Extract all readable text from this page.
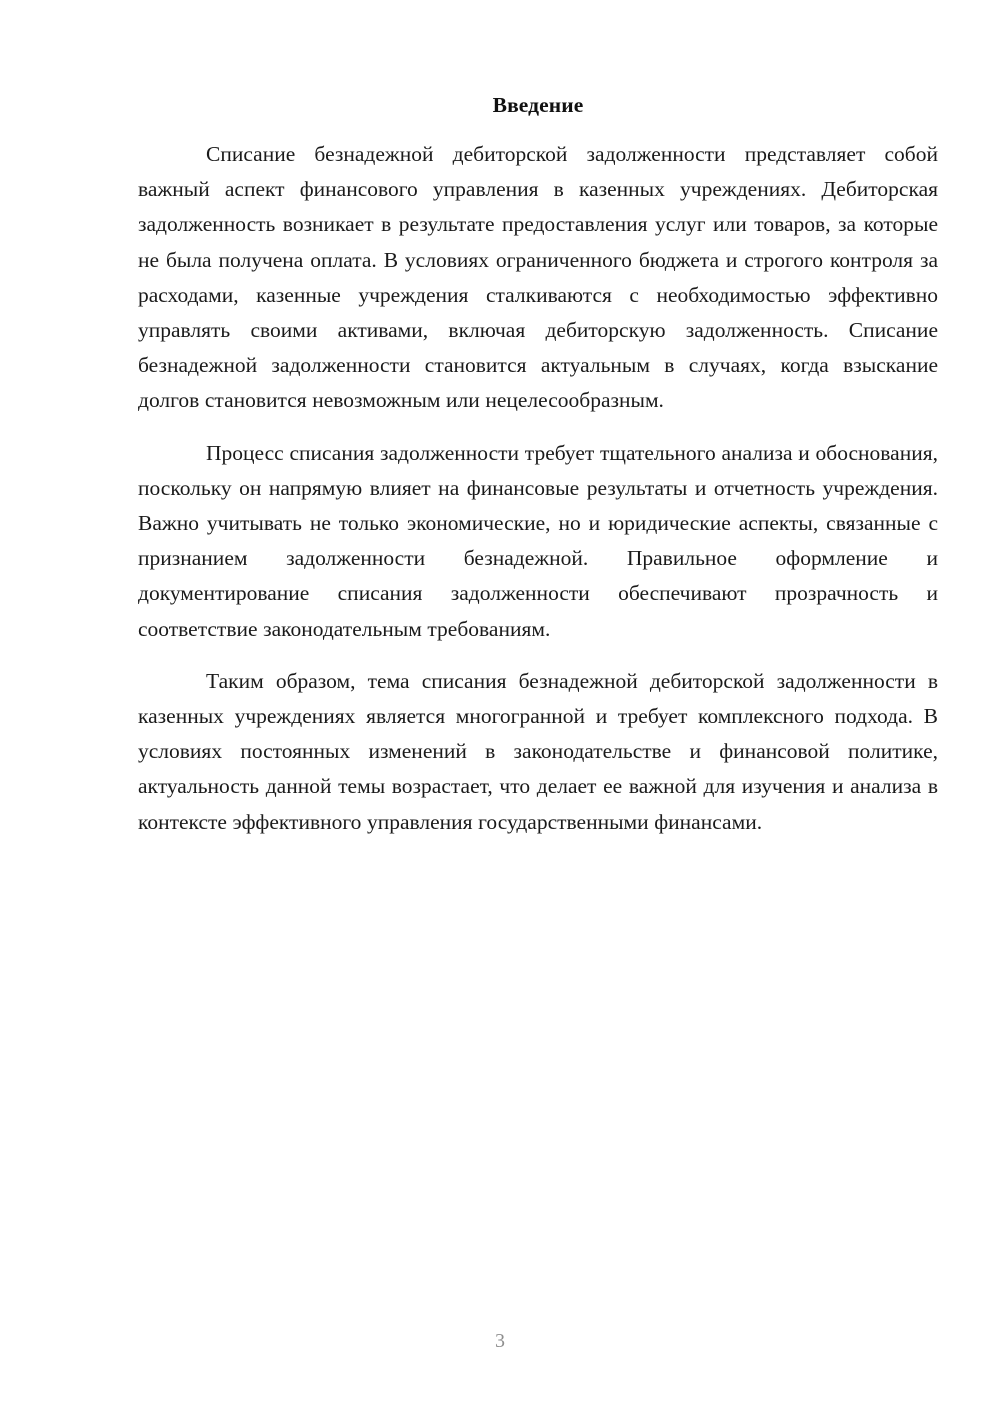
Введение

Списание безнадежной дебиторской задолженности представляет собой важный аспект финансового управления в казенных учреждениях. Дебиторская задолженность возникает в результате предоставления услуг или товаров, за которые не была получена оплата. В условиях ограниченного бюджета и строгого контроля за расходами, казенные учреждения сталкиваются с необходимостью эффективно управлять своими активами, включая дебиторскую задолженность. Списание безнадежной задолженности становится актуальным в случаях, когда взыскание долгов становится невозможным или нецелесообразным.

Процесс списания задолженности требует тщательного анализа и обоснования, поскольку он напрямую влияет на финансовые результаты и отчетность учреждения. Важно учитывать не только экономические, но и юридические аспекты, связанные с признанием задолженности безнадежной. Правильное оформление и документирование списания задолженности обеспечивают прозрачность и соответствие законодательным требованиям.

Таким образом, тема списания безнадежной дебиторской задолженности в казенных учреждениях является многогранной и требует комплексного подхода. В условиях постоянных изменений в законодательстве и финансовой политике, актуальность данной темы возрастает, что делает ее важной для изучения и анализа в контексте эффективного управления государственными финансами.

3
